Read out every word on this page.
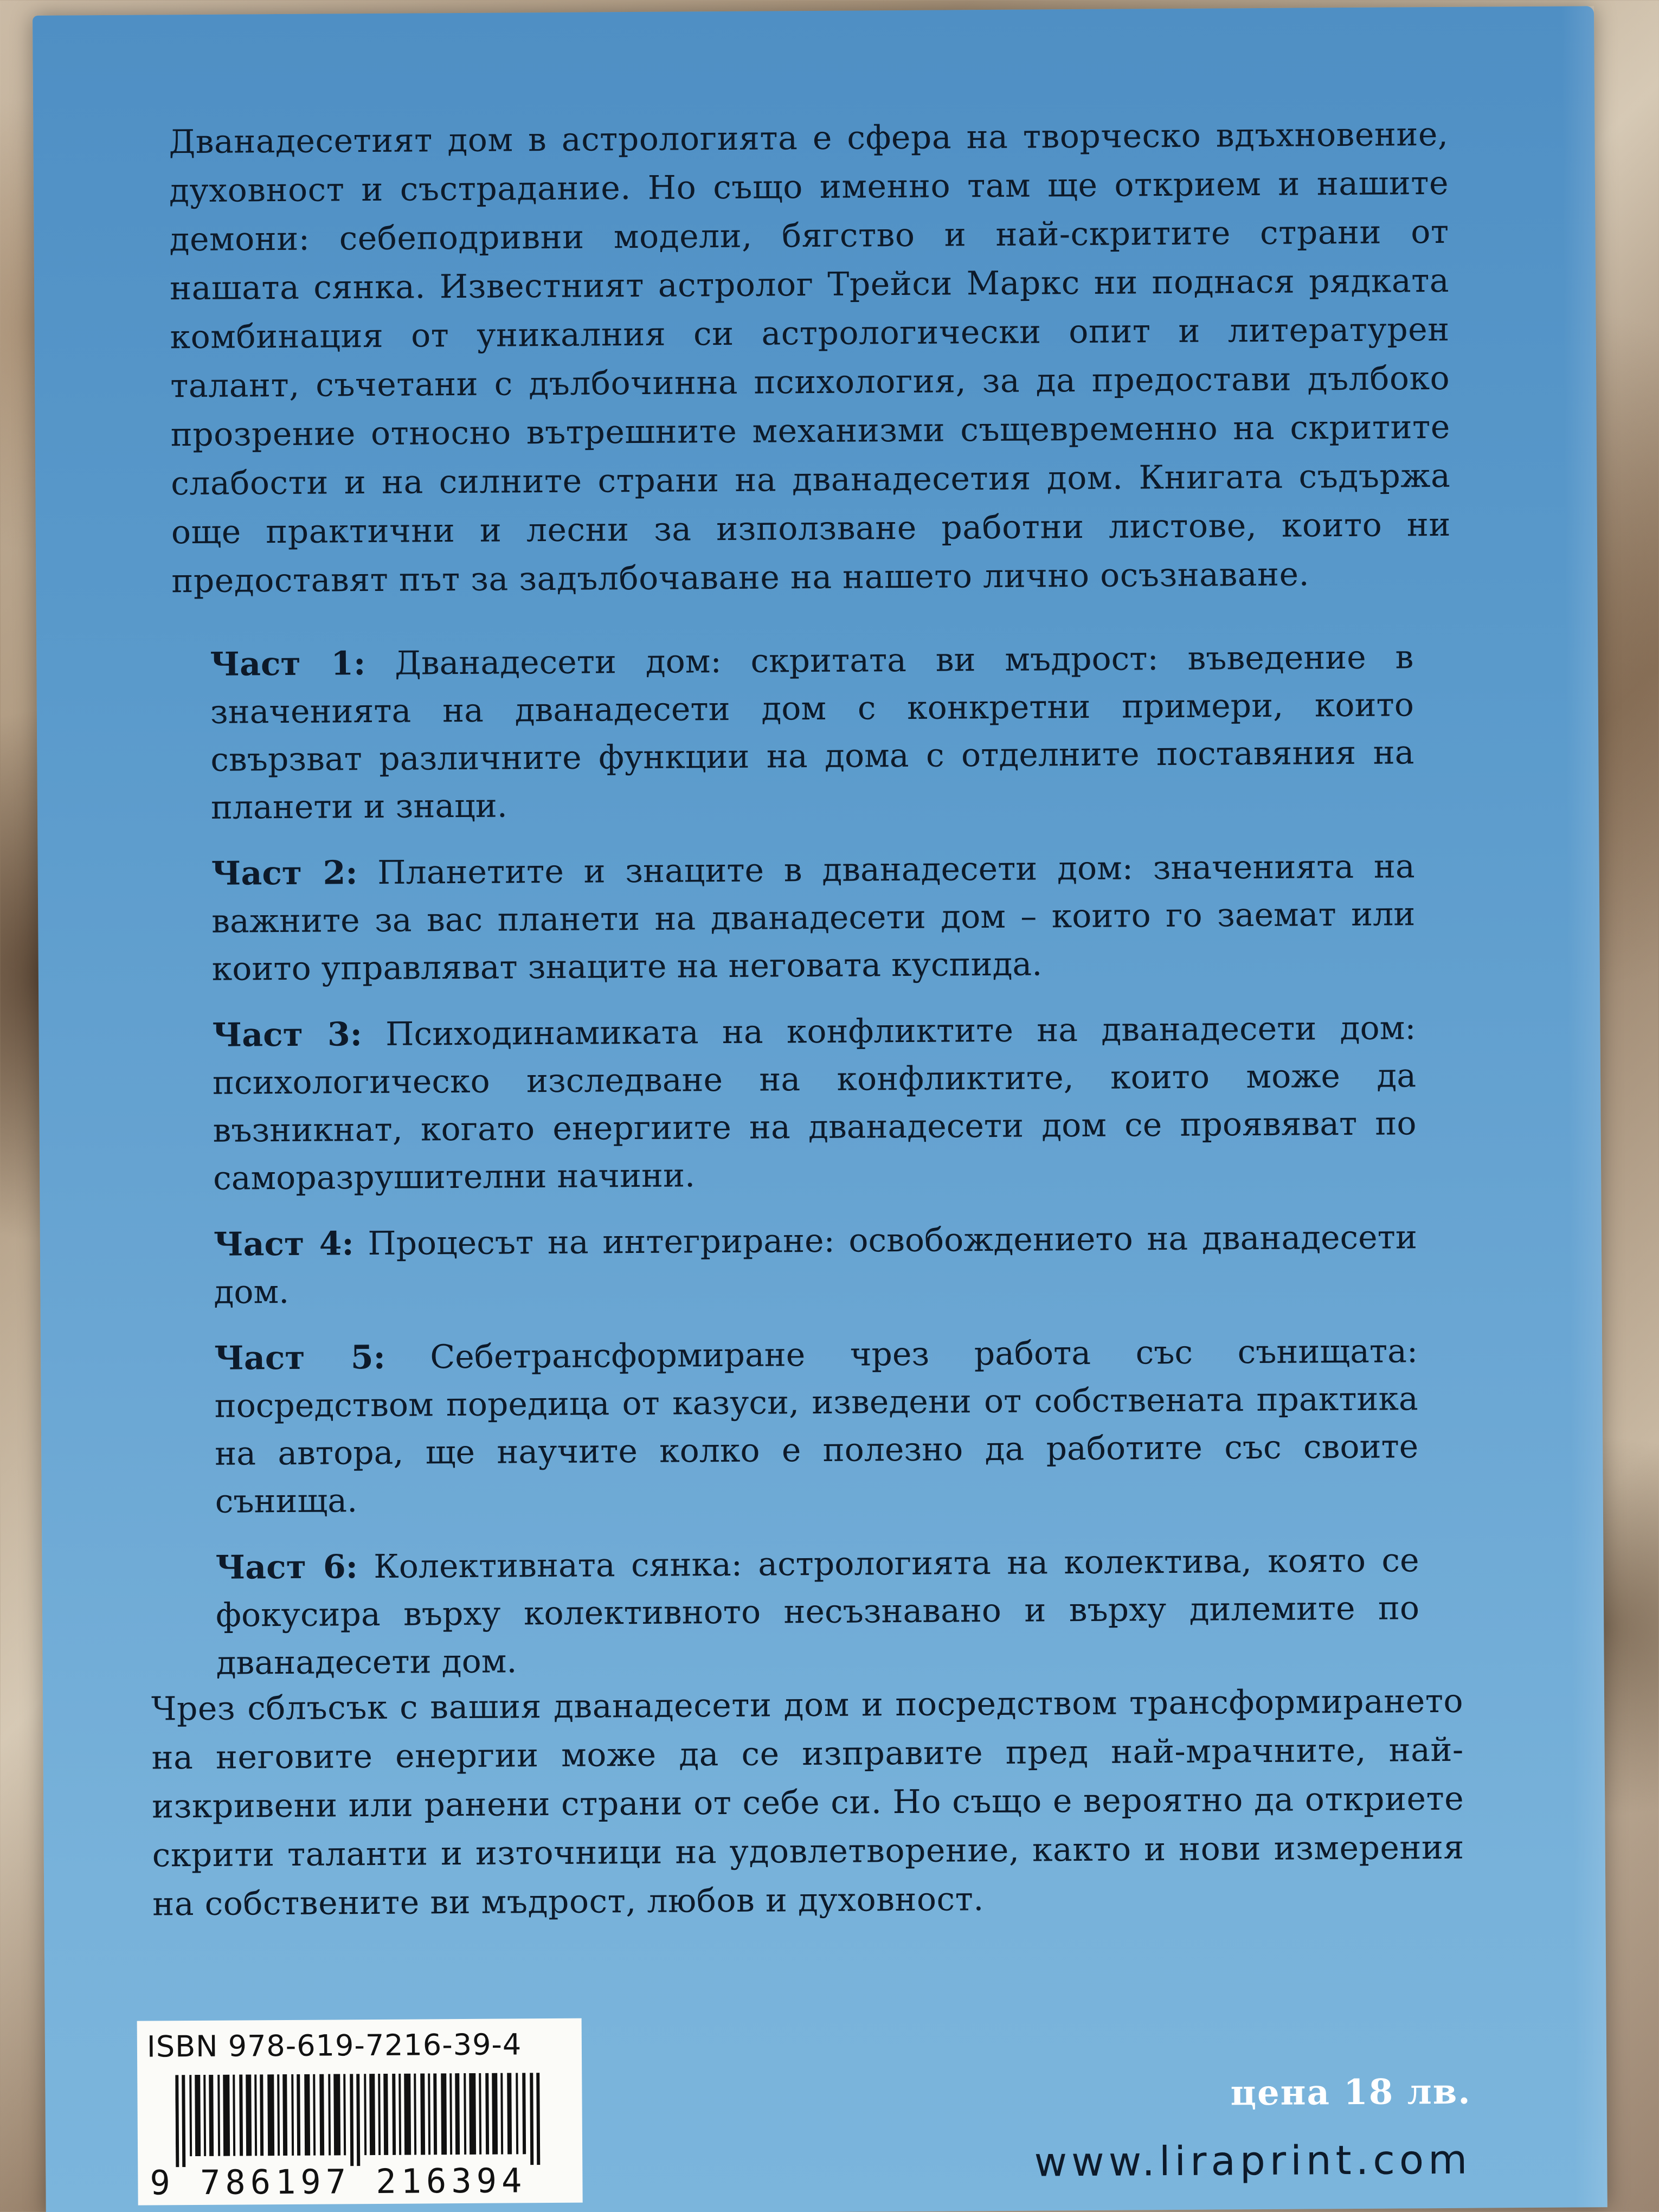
Дванадесетият дом в астрологията е сфера на творческо вдъхновение, духовност и състрадание. Но също именно там ще открием и нашите демони: себеподривни модели, бягство и най-скритите страни от нашата сянка. Известният астролог Трейси Маркс ни поднася рядката комбинация от уникалния си астрологически опит и литературен талант, съчетани с дълбочинна психология, за да предостави дълбоко прозрение относно вътрешните механизми същевременно на скритите слабости и на силните страни на дванадесетия дом. Книгата съдържа още практични и лесни за използване работни листове, които ни предоставят път за задълбочаване на нашето лично осъзнаване.

Част 1: Дванадесети дом: скритата ви мъдрост: въведение в значенията на дванадесети дом с конкретни примери, които свързват различните функции на дома с отделните поставяния на планети и знаци.

Част 2: Планетите и знаците в дванадесети дом: значенията на важните за вас планети на дванадесети дом – които го заемат или които управляват знаците на неговата куспида.

Част 3: Психодинамиката на конфликтите на дванадесети дом: психологическо изследване на конфликтите, които може да възникнат, когато енергиите на дванадесети дом се проявяват по саморазрушителни начини.

Част 4: Процесът на интегриране: освобождението на дванадесети дом.

Част 5: Себетрансформиране чрез работа със сънищата: посредством поредица от казуси, изведени от собствената практика на автора, ще научите колко е полезно да работите със своите сънища.

Част 6: Колективната сянка: астрологията на колектива, която се фокусира върху колективното несъзнавано и върху дилемите по дванадесети дом.

Чрез сблъсък с вашия дванадесети дом и посредством трансформирането на неговите енергии може да се изправите пред най-мрачните, най-изкривени или ранени страни от себе си. Но също е вероятно да откриете скрити таланти и източници на удовлетворение, както и нови измерения на собствените ви мъдрост, любов и духовност.

ISBN 978-619-7216-39-4
9 786197 216394
цена 18 лв.
www.liraprint.com
